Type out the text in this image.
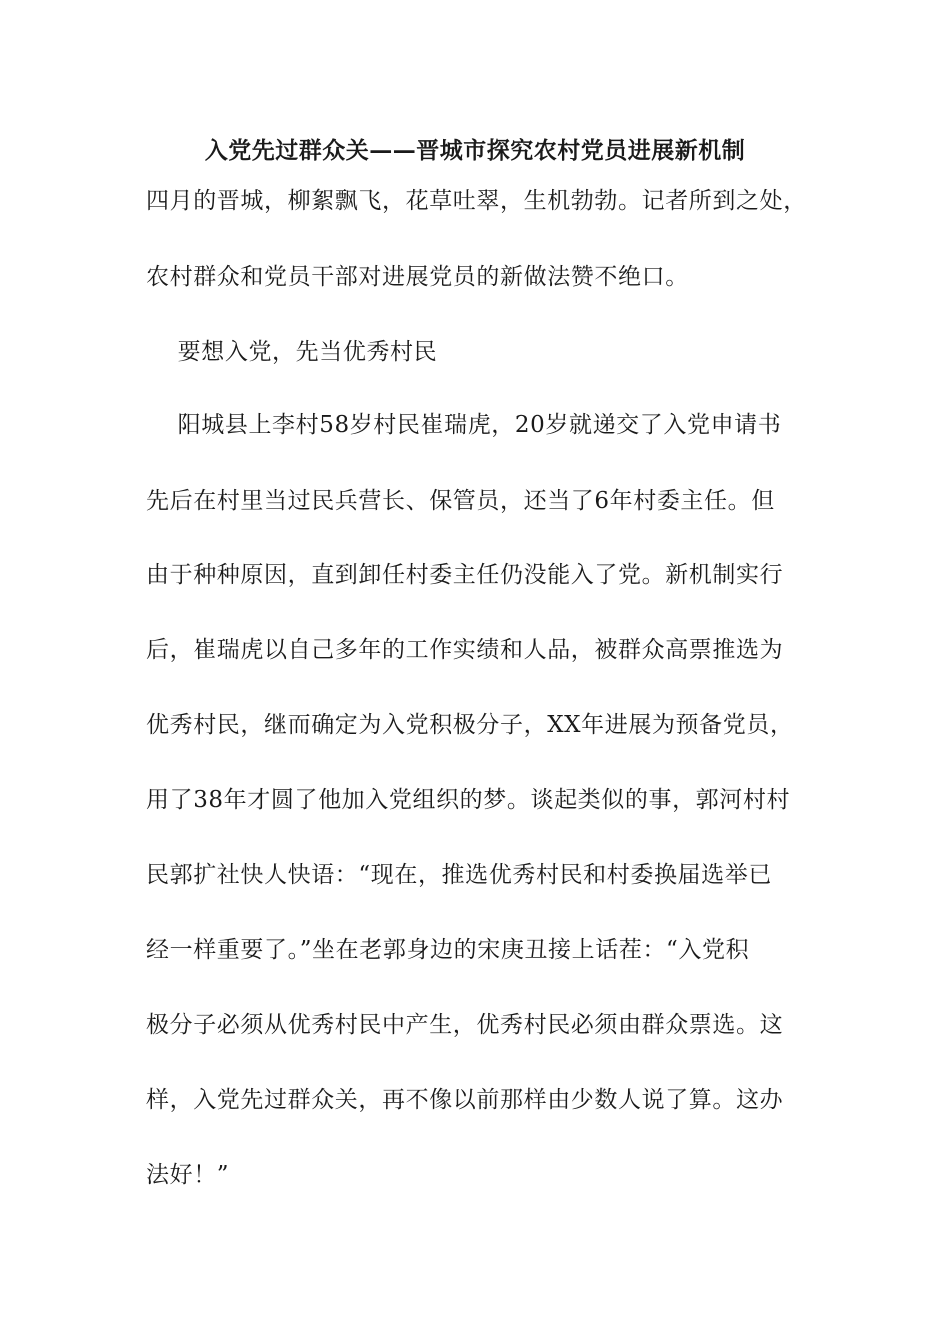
入党先过群众关——晋城市探究农村党员进展新机制
四月的晋城，柳絮飘飞，花草吐翠，生机勃勃。记者所到之处，
农村群众和党员干部对进展党员的新做法赞不绝口。
要想入党，先当优秀村民
阳城县上李村58岁村民崔瑞虎，20岁就递交了入党申请书
先后在村里当过民兵营长、保管员，还当了6年村委主任。但
由于种种原因，直到卸任村委主任仍没能入了党。新机制实行
后，崔瑞虎以自己多年的工作实绩和人品，被群众高票推选为
优秀村民，继而确定为入党积极分子，XX年进展为预备党员，
用了38年才圆了他加入党组织的梦。谈起类似的事，郭河村村
民郭扩社快人快语：“现在，推选优秀村民和村委换届选举已
经一样重要了。”坐在老郭身边的宋庚丑接上话茬：“入党积
极分子必须从优秀村民中产生，优秀村民必须由群众票选。这
样，入党先过群众关，再不像以前那样由少数人说了算。这办
法好！”
